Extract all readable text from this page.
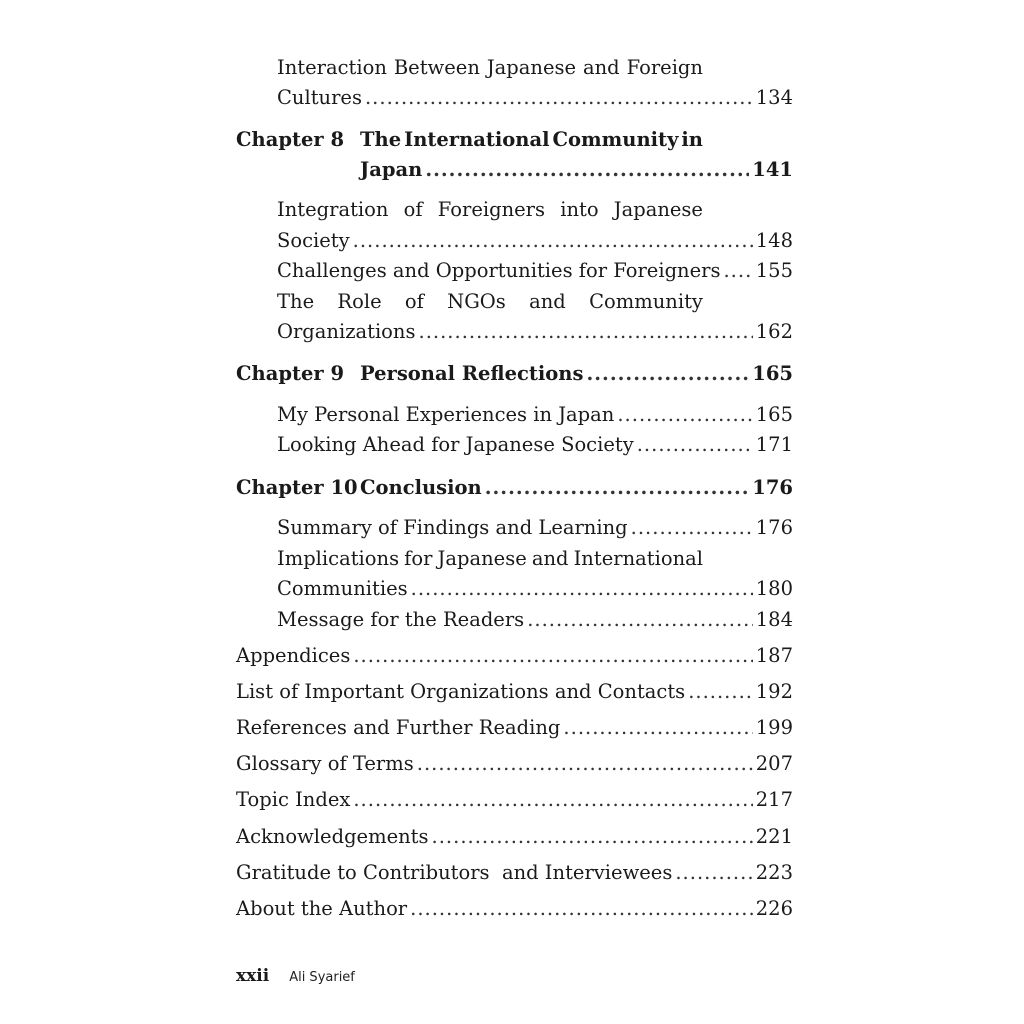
Interaction Between Japanese and Foreign
Cultures .....	134
Chapter 8 The International Community in
Japan .....	141
Integration of Foreigners into Japanese
Society .....	148
Challenges and Opportunities for Foreigners ..... 155
The Role of NGOs and Community
Organizations .....	162
Chapter 9 Personal Reflections .....	165
My Personal Experiences in Japan .....	165
Looking Ahead for Japanese Society .....	171
Chapter 10 Conclusion .....	176
Summary of Findings and Learning .....	176
Implications for Japanese and International
Communities .....	180
Message for the Readers .....	184
Appendices .....	187
List of Important Organizations and Contacts .....	192
References and Further Reading .....	199
Glossary of Terms .....	207
Topic Index .....	217
Acknowledgements .....	221
Gratitude to Contributors  and Interviewees .....	223
About the Author .....	226
xxii Ali Syarief
